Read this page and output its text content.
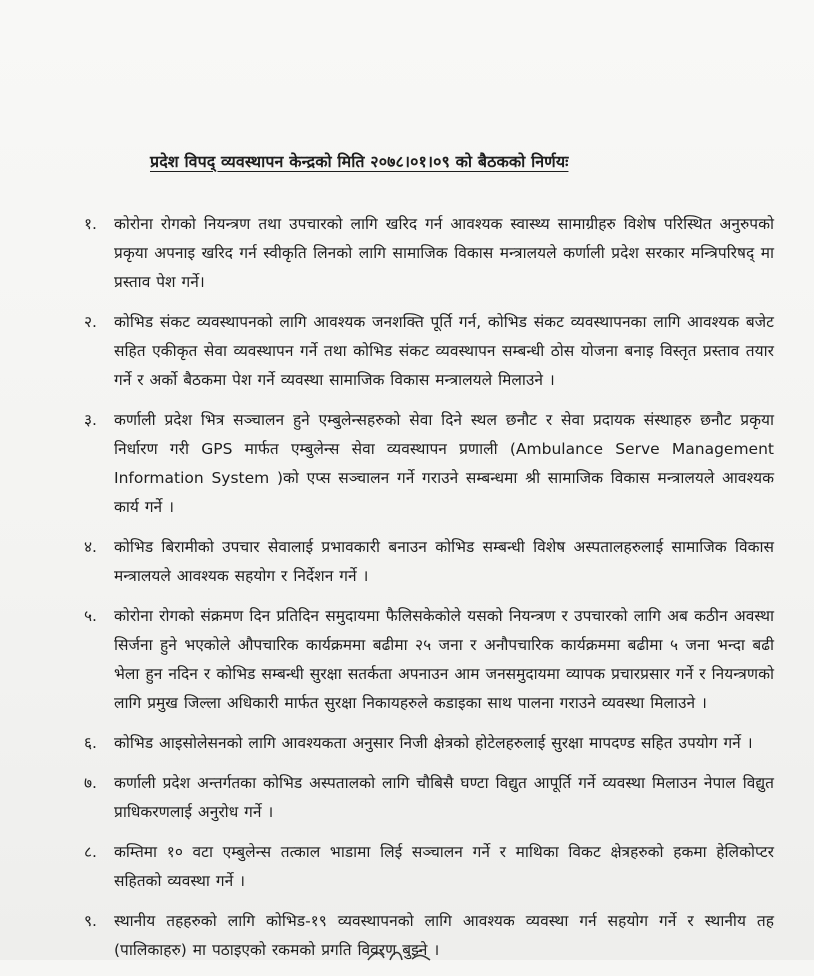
प्रदेश विपद् व्यवस्थापन केन्द्रको मिति २०७८।०१।०९ को बैठकको निर्णयः
१.	कोरोना रोगको नियन्त्रण तथा उपचारको लागि खरिद गर्न आवश्यक स्वास्थ्य सामाग्रीहरु विशेष परिस्थित अनुरुपको प्रकृया अपनाइ खरिद गर्न स्वीकृति लिनको लागि सामाजिक विकास मन्त्रालयले कर्णाली प्रदेश सरकार मन्त्रिपरिषद् मा प्रस्ताव पेश गर्ने।
२.	कोभिड संकट व्यवस्थापनको लागि आवश्यक जनशक्ति पूर्ति गर्न, कोभिड संकट व्यवस्थापनका लागि आवश्यक बजेट सहित एकीकृत सेवा व्यवस्थापन गर्ने तथा कोभिड संकट व्यवस्थापन सम्बन्धी ठोस योजना बनाइ विस्तृत प्रस्ताव तयार गर्ने र अर्को बैठकमा पेश गर्ने व्यवस्था सामाजिक विकास मन्त्रालयले मिलाउने ।
३.	कर्णाली प्रदेश भित्र सञ्चालन हुने एम्बुलेन्सहरुको सेवा दिने स्थल छनौट र सेवा प्रदायक संस्थाहरु छनौट प्रकृया निर्धारण गरी GPS मार्फत एम्बुलेन्स सेवा व्यवस्थापन प्रणाली (Ambulance Serve Management Information System )को एप्स सञ्चालन गर्ने गराउने सम्बन्धमा श्री सामाजिक विकास मन्त्रालयले आवश्यक कार्य गर्ने ।
४.	कोभिड बिरामीको उपचार सेवालाई प्रभावकारी बनाउन कोभिड सम्बन्धी विशेष अस्पतालहरुलाई सामाजिक विकास मन्त्रालयले आवश्यक सहयोग र निर्देशन गर्ने ।
५.	कोरोना रोगको संक्रमण दिन प्रतिदिन समुदायमा फैलिसकेकोले यसको नियन्त्रण र उपचारको लागि अब कठीन अवस्था सिर्जना हुने भएकोले औपचारिक कार्यक्रममा बढीमा २५ जना र अनौपचारिक कार्यक्रममा बढीमा ५ जना भन्दा बढी भेला हुन नदिन र कोभिड सम्बन्धी सुरक्षा सतर्कता अपनाउन आम जनसमुदायमा व्यापक प्रचारप्रसार गर्ने र नियन्त्रणको लागि प्रमुख जिल्ला अधिकारी मार्फत सुरक्षा निकायहरुले कडाइका साथ पालना गराउने व्यवस्था मिलाउने ।
६.	कोभिड आइसोलेसनको लागि आवश्यकता अनुसार निजी क्षेत्रको होटेलहरुलाई सुरक्षा मापदण्ड सहित उपयोग गर्ने ।
७.	कर्णाली प्रदेश अन्तर्गतका कोभिड अस्पतालको लागि चौबिसै घण्टा विद्युत आपूर्ति गर्ने व्यवस्था मिलाउन नेपाल विद्युत प्राधिकरणलाई अनुरोध गर्ने ।
८.	कम्तिमा १० वटा एम्बुलेन्स तत्काल भाडामा लिई सञ्चालन गर्ने र माथिका विकट क्षेत्रहरुको हकमा हेलिकोप्टर सहितको व्यवस्था गर्ने ।
९.	स्थानीय तहहरुको लागि कोभिड-१९ व्यवस्थापनको लागि आवश्यक व्यवस्था गर्न सहयोग गर्ने र स्थानीय तह (पालिकाहरु) मा पठाइएको रकमको प्रगति विवरण बुझ्ने ।
